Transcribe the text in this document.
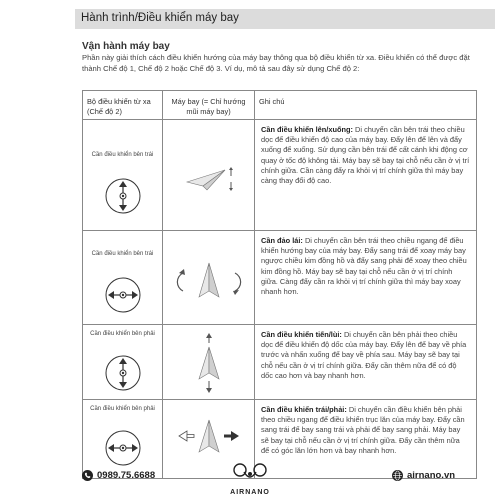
Hành trình/Điều khiển máy bay
Vận hành máy bay
Phần này giải thích cách điều khiển hướng của máy bay thông qua bộ điều khiển từ xa. Điều khiển có thể được đặt thành Chế độ 1, Chế độ 2 hoặc Chế độ 3. Ví dụ, mô tả sau đây sử dụng Chế độ 2:
Bộ điều khiển từ xa (Chế độ 2)
Máy bay (= Chỉ hướng mũi máy bay)
Ghi chú
Cần điều khiển bên trái
Cần điều khiển lên/xuống: Di chuyển cần bên trái theo chiều dọc để điều khiển độ cao của máy bay. Đẩy lên để lên và đẩy xuống để xuống. Sử dụng cần bên trái để cất cánh khi động cơ quay ở tốc độ không tải. Máy bay sẽ bay tại chỗ nếu cần ở vị trí chính giữa. Cần càng đẩy ra khỏi vị trí chính giữa thì máy bay càng thay đổi độ cao.
Cần điều khiển bên trái
Cần đảo lái: Di chuyển cần bên trái theo chiều ngang để điều khiển hướng bay của máy bay. Đẩy sang trái để xoay máy bay ngược chiều kim đồng hồ và đẩy sang phải để xoay theo chiều kim đồng hồ. Máy bay sẽ bay tại chỗ nếu cần ở vị trí chính giữa. Càng đẩy cần ra khỏi vị trí chính giữa thì máy bay xoay nhanh hơn.
Cần điều khiển bên phải	Cần điều khiển tiến/lùi: Di chuyển cần bên phải theo chiều dọc để điều khiển độ dốc của máy bay. Đẩy lên để bay về phía trước và nhấn xuống để bay về phía sau. Máy bay sẽ bay tại chỗ nếu cần ở vị trí chính giữa. Đẩy cần thêm nữa để có độ dốc cao hơn và bay nhanh hơn.
Cần điều khiển bên phải	Cần điều khiển trái/phải: Di chuyển cần điều khiển bên phải theo chiều ngang để điều khiển trục lăn của máy bay. Đẩy cần sang trái để bay sang trái và phải để bay sang phải. Máy bay sẽ bay tại chỗ nếu cần ở vị trí chính giữa. Đẩy cần thêm nữa để có góc lăn lớn hơn và bay nhanh hơn.
0989.75.6688
AIRNANO
airnano.vn
